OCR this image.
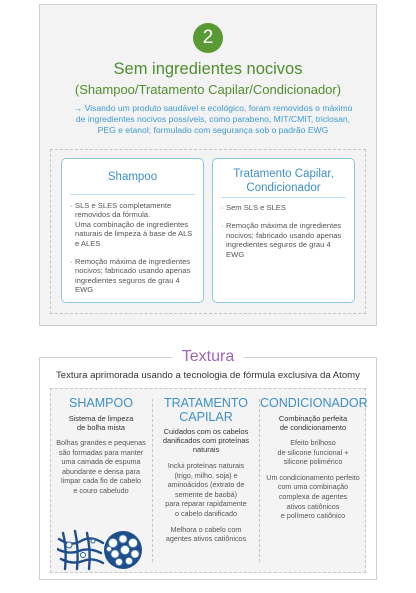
2
Sem ingredientes nocivos
(Shampoo/Tratamento Capilar/Condicionador)
→ Visando um produto saudável e ecológico, foram removidos o máximo
de ingredientes nocivos possíveis, como parabeno, MIT/CMIT, triclosan,
PEG e etanol; formulado com segurança sob o padrão EWG
Shampoo
· SLS e SLES completamente
removidos da fórmula.
Uma combinação de ingredientes
naturais de limpeza à base de ALS
e ALES
· Remoção máxima de ingredientes
nocivos; fabricado usando apenas
ingredientes seguros de grau 4
EWG
Tratamento Capilar,
Condicionador
· Sem SLS e SLES
· Remoção máxima de ingredientes
nocivos; fabricado usando apenas
ingredientes seguros de grau 4
EWG
Textura aprimorada usando a tecnologia de fórmula exclusiva da Atomy
SHAMPOO
Sistema de limpeza
de bolha mista

Bolhas grandes e pequenas
são formadas para manter
uma camada de espuma
abundante e densa para
limpar cada fio de cabelo
e couro cabeludo

TRATAMENTO
CAPILAR
Cuidados com os cabelos
danificados com proteínas
naturais

Inclui proteínas naturais
(trigo, milho, soja) e
aminoácidos (extrato de
semente de baobá)
para reparar rapidamente
o cabelo danificado

Melhora o cabelo com
agentes ativos catiônicos

CONDICIONADOR
Combinação perfeita
de condicionamento

Efeito brilhoso
de silicone funcional +
silicone polimérico

Um condicionamento perfeito
com uma combinação
complexa de agentes
ativos catiônicos
e polímero catiônico

Textura
